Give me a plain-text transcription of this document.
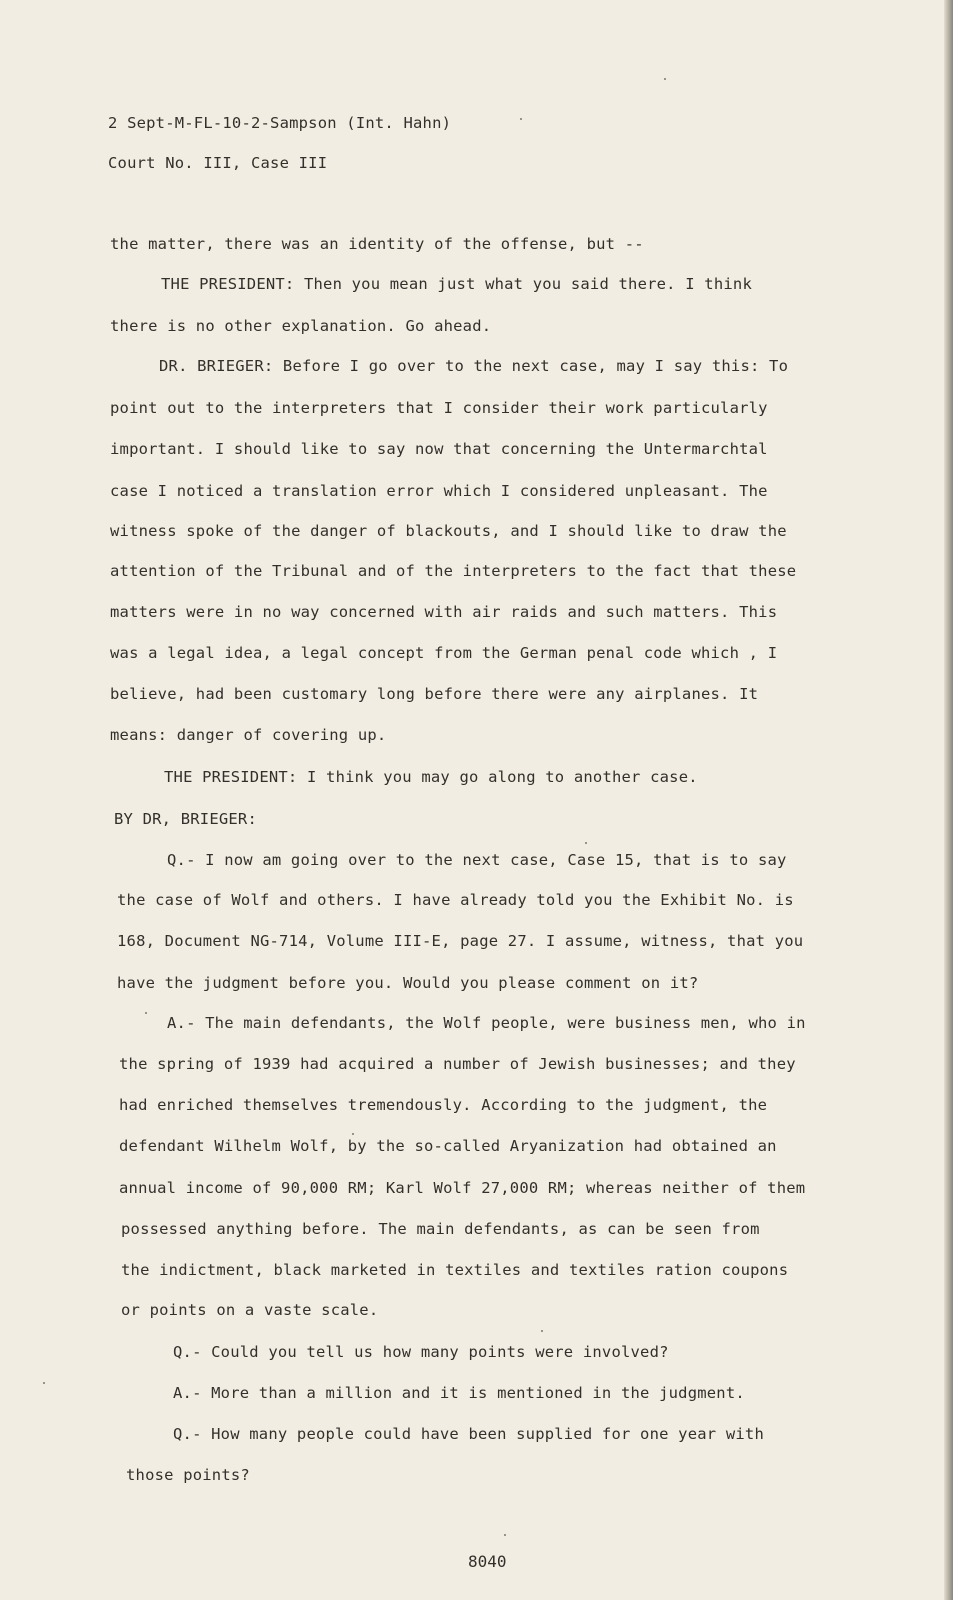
2 Sept-M-FL-10-2-Sampson (Int. Hahn)

Court No. III, Case III

the matter, there was an identity of the offense, but --

THE PRESIDENT: Then you mean just what you said there. I think

there is no other explanation. Go ahead.

DR. BRIEGER: Before I go over to the next case, may I say this: To

point out to the interpreters that I consider their work particularly

important. I should like to say now that concerning the Untermarchtal

case I noticed a translation error which I considered unpleasant. The

witness spoke of the danger of blackouts, and I should like to draw the

attention of the Tribunal and of the interpreters to the fact that these

matters were in no way concerned with air raids and such matters. This

was a legal idea, a legal concept from the German penal code which , I

believe, had been customary long before there were any airplanes. It

means: danger of covering up.

THE PRESIDENT: I think you may go along to another case.

BY DR, BRIEGER:

Q.- I now am going over to the next case, Case 15, that is to say

the case of Wolf and others. I have already told you the Exhibit No. is

168, Document NG-714, Volume III-E, page 27. I assume, witness, that you

have the judgment before you. Would you please comment on it?

A.- The main defendants, the Wolf people, were business men, who in

the spring of 1939 had acquired a number of Jewish businesses; and they

had enriched themselves tremendously. According to the judgment, the

defendant Wilhelm Wolf, by the so-called Aryanization had obtained an

annual income of 90,000 RM; Karl Wolf 27,000 RM; whereas neither of them

possessed anything before. The main defendants, as can be seen from

the indictment, black marketed in textiles and textiles ration coupons

or points on a vaste scale.

Q.- Could you tell us how many points were involved?

A.- More than a million and it is mentioned in the judgment.

Q.- How many people could have been supplied for one year with

those points?

8040
